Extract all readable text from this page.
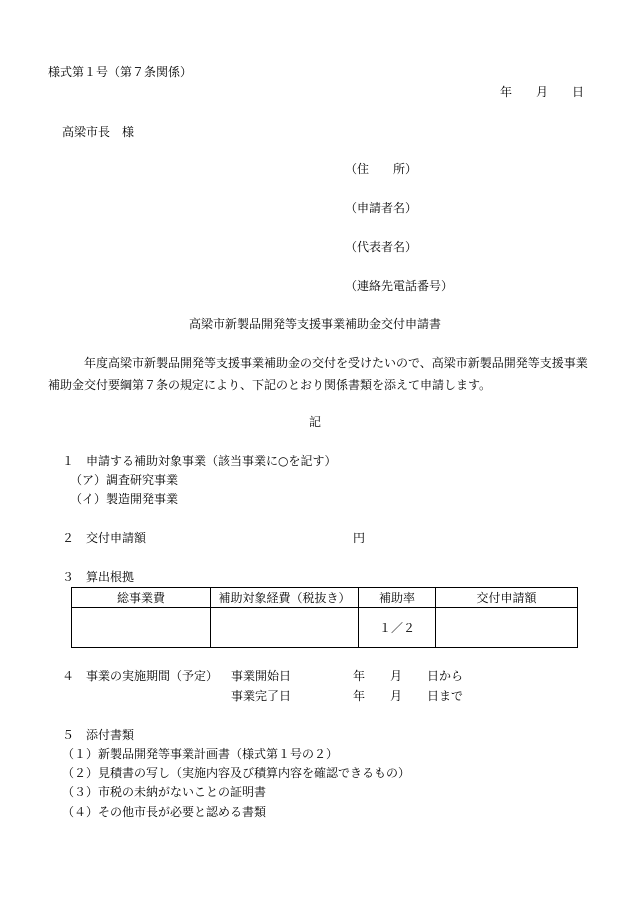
様式第１号（第７条関係）
年 月 日
高梁市長　様
（住　　所）
（申請者名）
（代表者名）
（連絡先電話番号）
高梁市新製品開発等支援事業補助金交付申請書
　　　年度高梁市新製品開発等支援事業補助金の交付を受けたいので、高梁市新製品開発等支援事業補助金交付要綱第７条の規定により、下記のとおり関係書類を添えて申請します。
記
１　申請する補助対象事業（該当事業に○を記す）
（ア）調査研究事業
（イ）製造開発事業
２　交付申請額	円
３　算出根拠
総事業費	補助対象経費（税抜き）	補助率	交付申請額
		１／２	
４　事業の実施期間（予定） 事業開始日	年 月 日から
事業完了日	年 月 日まで
５　添付書類
（１）新製品開発等事業計画書（様式第１号の２）
（２）見積書の写し（実施内容及び積算内容を確認できるもの）
（３）市税の未納がないことの証明書
（４）その他市長が必要と認める書類
